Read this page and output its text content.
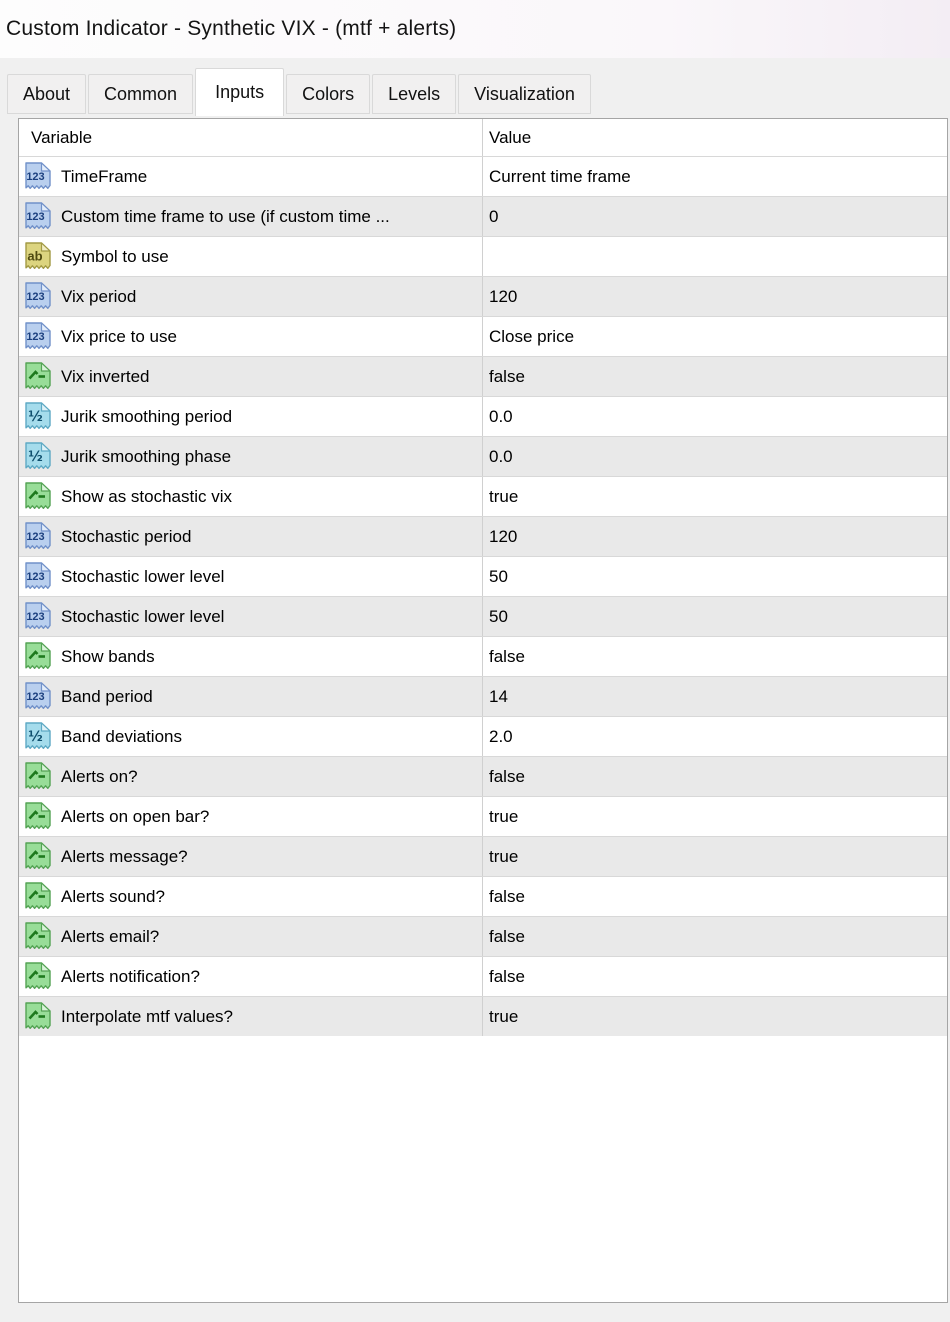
Custom Indicator - Synthetic VIX - (mtf + alerts)
About Common Inputs Colors Levels Visualization
Variable	Value
123 TimeFrame	Current time frame
123 Custom time frame to use (if custom time ...	0
ab Symbol to use
123 Vix period	120
123 Vix price to use	Close price
Vix inverted	false
½ Jurik smoothing period	0.0
½ Jurik smoothing phase	0.0
Show as stochastic vix	true
123 Stochastic period	120
123 Stochastic lower level	50
123 Stochastic lower level	50
Show bands	false
123 Band period	14
½ Band deviations	2.0
Alerts on?	false
Alerts on open bar?	true
Alerts message?	true
Alerts sound?	false
Alerts email?	false
Alerts notification?	false
Interpolate mtf values?	true
